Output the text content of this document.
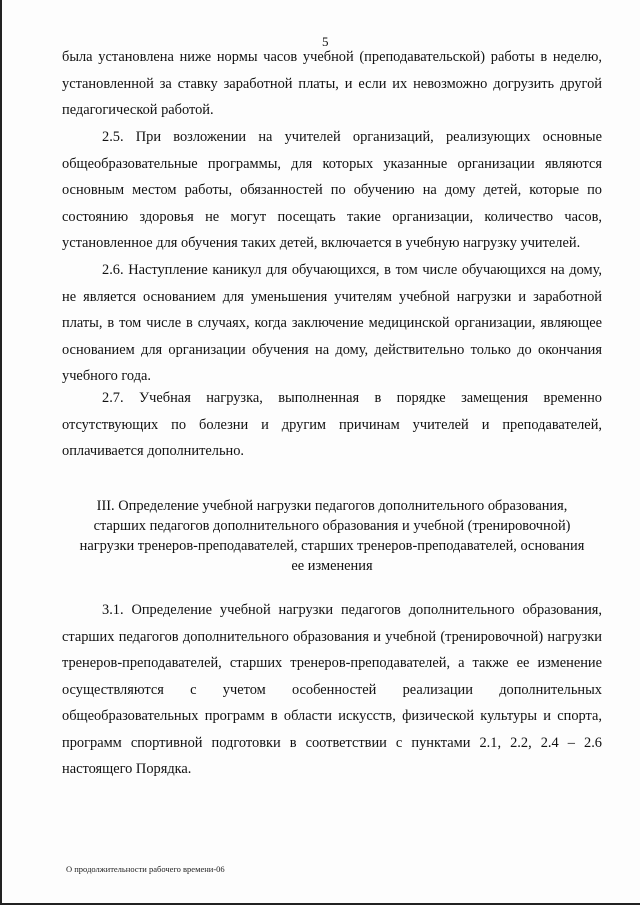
5

была установлена ниже нормы часов учебной (преподавательской) работы в неделю, установленной за ставку заработной платы, и если их невозможно догрузить другой педагогической работой.

2.5. При возложении на учителей организаций, реализующих основные общеобразовательные программы, для которых указанные организации являются основным местом работы, обязанностей по обучению на дому детей, которые по состоянию здоровья не могут посещать такие организации, количество часов, установленное для обучения таких детей, включается в учебную нагрузку учителей.

2.6. Наступление каникул для обучающихся, в том числе обучающихся на дому, не является основанием для уменьшения учителям учебной нагрузки и заработной платы, в том числе в случаях, когда заключение медицинской организации, являющее основанием для организации обучения на дому, действительно только до окончания учебного года.

2.7. Учебная нагрузка, выполненная в порядке замещения временно отсутствующих по болезни и другим причинам учителей и преподавателей, оплачивается дополнительно.

III. Определение учебной нагрузки педагогов дополнительного образования, старших педагогов дополнительного образования и учебной (тренировочной) нагрузки тренеров-преподавателей, старших тренеров-преподавателей, основания ее изменения

3.1. Определение учебной нагрузки педагогов дополнительного образования, старших педагогов дополнительного образования и учебной (тренировочной) нагрузки тренеров-преподавателей, старших тренеров-преподавателей, а также ее изменение осуществляются с учетом особенностей реализации дополнительных общеобразовательных программ в области искусств, физической культуры и спорта, программ спортивной подготовки в соответствии с пунктами 2.1, 2.2, 2.4 – 2.6 настоящего Порядка.

О продолжительности рабочего времени-06
